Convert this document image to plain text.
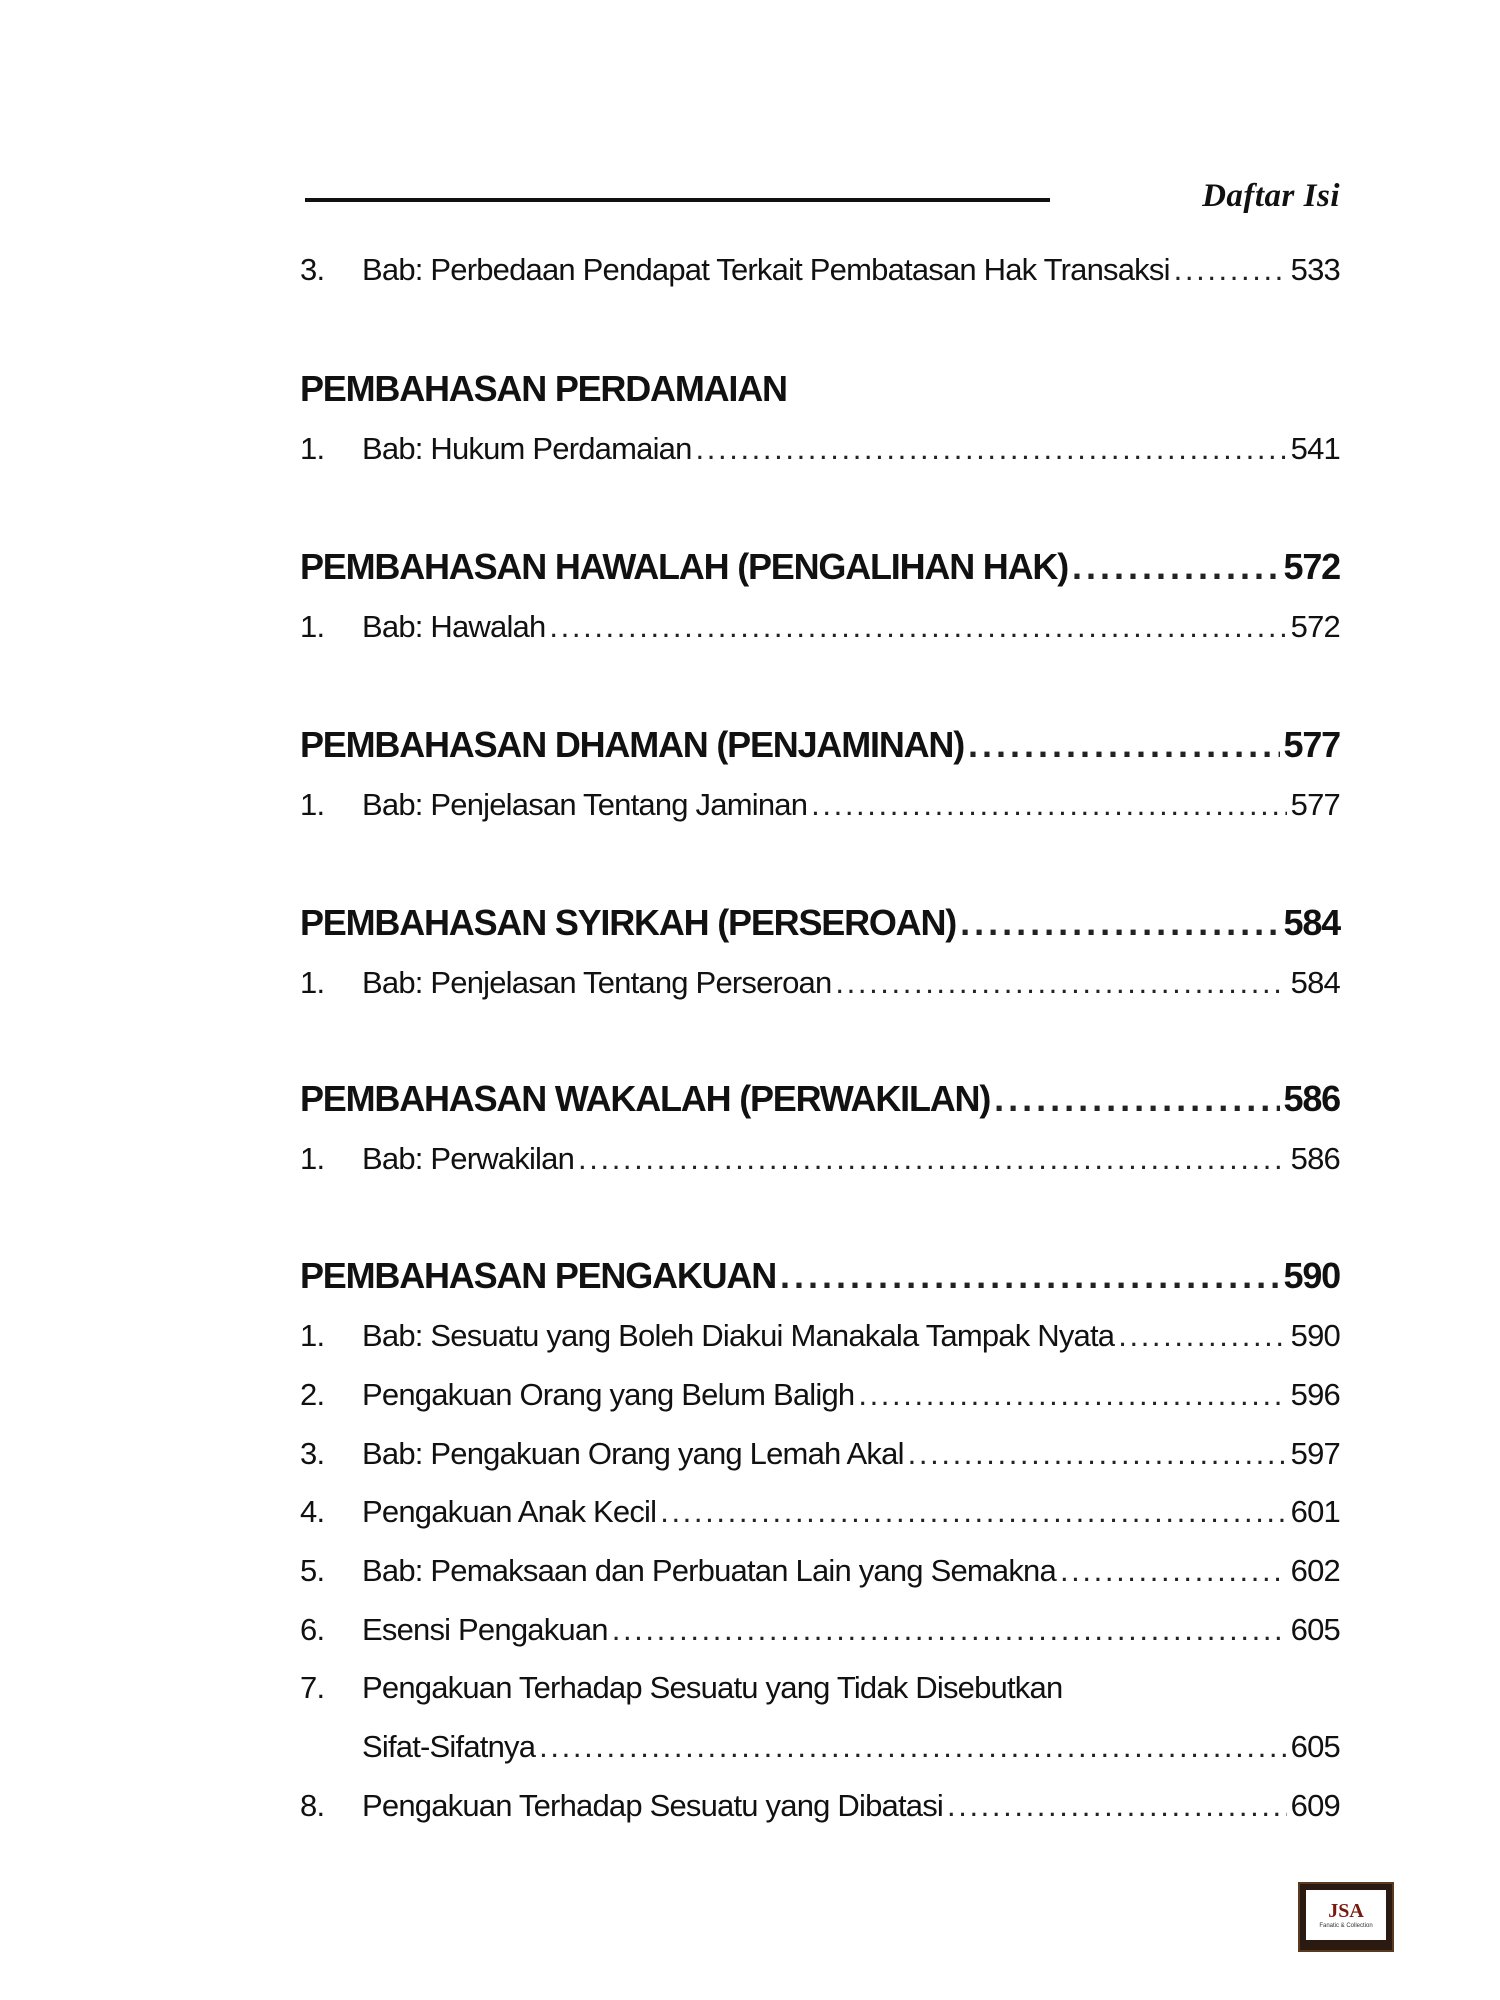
Daftar Isi
3.	Bab: Perbedaan Pendapat Terkait Pembatasan Hak Transaksi . . .	533
PEMBAHASAN PERDAMAIAN
1.	Bab: Hukum Perdamaian . . .	541
PEMBAHASAN HAWALAH (PENGALIHAN HAK) . . .	572
1.	Bab: Hawalah . . .	572
PEMBAHASAN DHAMAN (PENJAMINAN) . . .	577
1.	Bab: Penjelasan Tentang Jaminan . . .	577
PEMBAHASAN SYIRKAH (PERSEROAN) . . .	584
1.	Bab: Penjelasan Tentang Perseroan . . .	584
PEMBAHASAN WAKALAH (PERWAKILAN) . . .	586
1.	Bab: Perwakilan . . .	586
PEMBAHASAN PENGAKUAN . . .	590
1.	Bab: Sesuatu yang Boleh Diakui Manakala Tampak Nyata . . .	590
2.	Pengakuan Orang yang Belum Baligh . . .	596
3.	Bab: Pengakuan Orang yang Lemah Akal . . .	597
4.	Pengakuan Anak Kecil . . .	601
5.	Bab: Pemaksaan dan Perbuatan Lain yang Semakna . . .	602
6.	Esensi Pengakuan . . .	605
7.	Pengakuan Terhadap Sesuatu yang Tidak Disebutkan
Sifat-Sifatnya . . .	605
8.	Pengakuan Terhadap Sesuatu yang Dibatasi . . .	609
JSA
Fanatic & Collection
